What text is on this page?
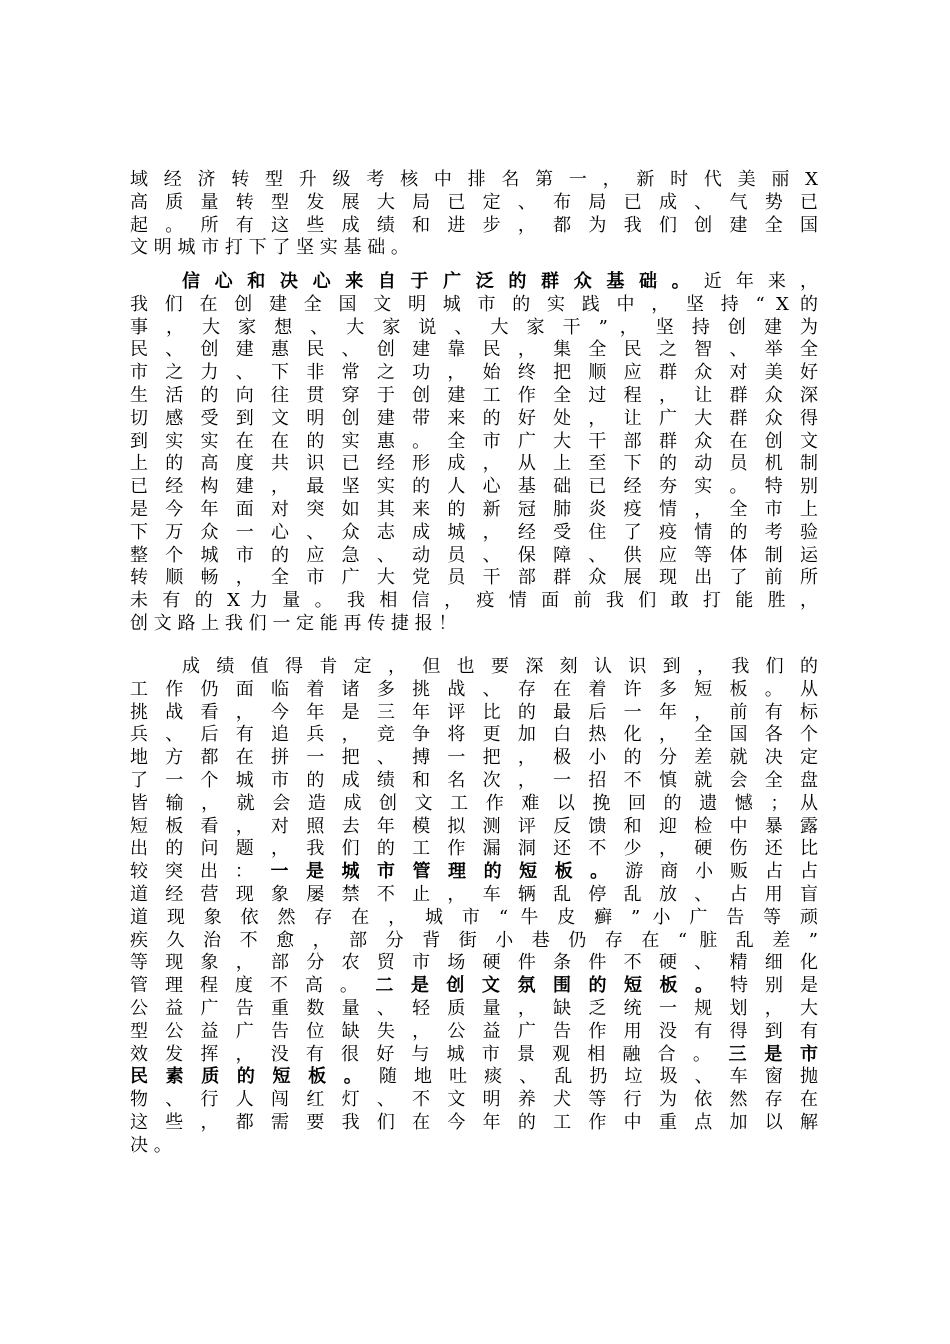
域 经 济 转 型 升 级 考 核 中 排 名 第 一 ， 新 时 代 美 丽 X
高 质 量 转 型 发 展 大 局 已 定 、 布 局 已 成 、 气 势 已
起 。 所 有 这 些 成 绩 和 进 步 ， 都 为 我 们 创 建 全 国
文 明 城 市 打 下 了 坚 实 基 础 。
信 心 和 决 心 来 自 于 广 泛 的 群 众 基 础 。 近 年 来 ，
我 们 在 创 建 全 国 文 明 城 市 的 实 践 中 ， 坚 持 “ X 的
事 ， 大 家 想 、 大 家 说 、 大 家 干 ” ， 坚 持 创 建 为
民 、 创 建 惠 民 、 创 建 靠 民 ， 集 全 民 之 智 、 举 全
市 之 力 、 下 非 常 之 功 ， 始 终 把 顺 应 群 众 对 美 好
生 活 的 向 往 贯 穿 于 创 建 工 作 全 过 程 ， 让 群 众 深
切 感 受 到 文 明 创 建 带 来 的 好 处 ， 让 广 大 群 众 得
到 实 实 在 在 的 实 惠 。 全 市 广 大 干 部 群 众 在 创 文
上 的 高 度 共 识 已 经 形 成 ， 从 上 至 下 的 动 员 机 制
已 经 构 建 ， 最 坚 实 的 人 心 基 础 已 经 夯 实 。 特 别
是 今 年 面 对 突 如 其 来 的 新 冠 肺 炎 疫 情 ， 全 市 上
下 万 众 一 心 、 众 志 成 城 ， 经 受 住 了 疫 情 的 考 验
整 个 城 市 的 应 急 、 动 员 、 保 障 、 供 应 等 体 制 运
转 顺 畅 ， 全 市 广 大 党 员 干 部 群 众 展 现 出 了 前 所
未 有 的 X 力 量 。 我 相 信 ， 疫 情 面 前 我 们 敢 打 能 胜 ，
创 文 路 上 我 们 一 定 能 再 传 捷 报 ！
成 绩 值 得 肯 定 ， 但 也 要 深 刻 认 识 到 ， 我 们 的
工 作 仍 面 临 着 诸 多 挑 战 、 存 在 着 许 多 短 板 。 从
挑 战 看 ， 今 年 是 三 年 评 比 的 最 后 一 年 ， 前 有 标
兵 、 后 有 追 兵 ， 竞 争 将 更 加 白 热 化 ， 全 国 各 个
地 方 都 在 拼 一 把 、 搏 一 把 ， 极 小 的 分 差 就 决 定
了 一 个 城 市 的 成 绩 和 名 次 ， 一 招 不 慎 就 会 全 盘
皆 输 ， 就 会 造 成 创 文 工 作 难 以 挽 回 的 遗 憾 ； 从
短 板 看 ， 对 照 去 年 模 拟 测 评 反 馈 和 迎 检 中 暴 露
出 的 问 题 ， 我 们 的 工 作 漏 洞 还 不 少 ， 硬 伤 还 比
较 突 出 ： 一 是 城 市 管 理 的 短 板 。 游 商 小 贩 占 占
道 经 营 现 象 屡 禁 不 止 ， 车 辆 乱 停 乱 放 、 占 用 盲
道 现 象 依 然 存 在 ， 城 市 “ 牛 皮 癣 ” 小 广 告 等 顽
疾 久 治 不 愈 ， 部 分 背 街 小 巷 仍 存 在 “ 脏 乱 差 ”
等 现 象 ， 部 分 农 贸 市 场 硬 件 条 件 不 硬 、 精 细 化
管 理 程 度 不 高 。 二 是 创 文 氛 围 的 短 板 。 特 别 是
公 益 广 告 重 数 量 、 轻 质 量 ， 缺 乏 统 一 规 划 ， 大
型 公 益 广 告 位 缺 失 ， 公 益 广 告 作 用 没 有 得 到 有
效 发 挥 ， 没 有 很 好 与 城 市 景 观 相 融 合 。 三 是 市
民 素 质 的 短 板 。 随 地 吐 痰 、 乱 扔 垃 圾 、 车 窗 抛
物 、 行 人 闯 红 灯 、 不 文 明 养 犬 等 行 为 依 然 存 在
这 些 ， 都 需 要 我 们 在 今 年 的 工 作 中 重 点 加 以 解
决 。
